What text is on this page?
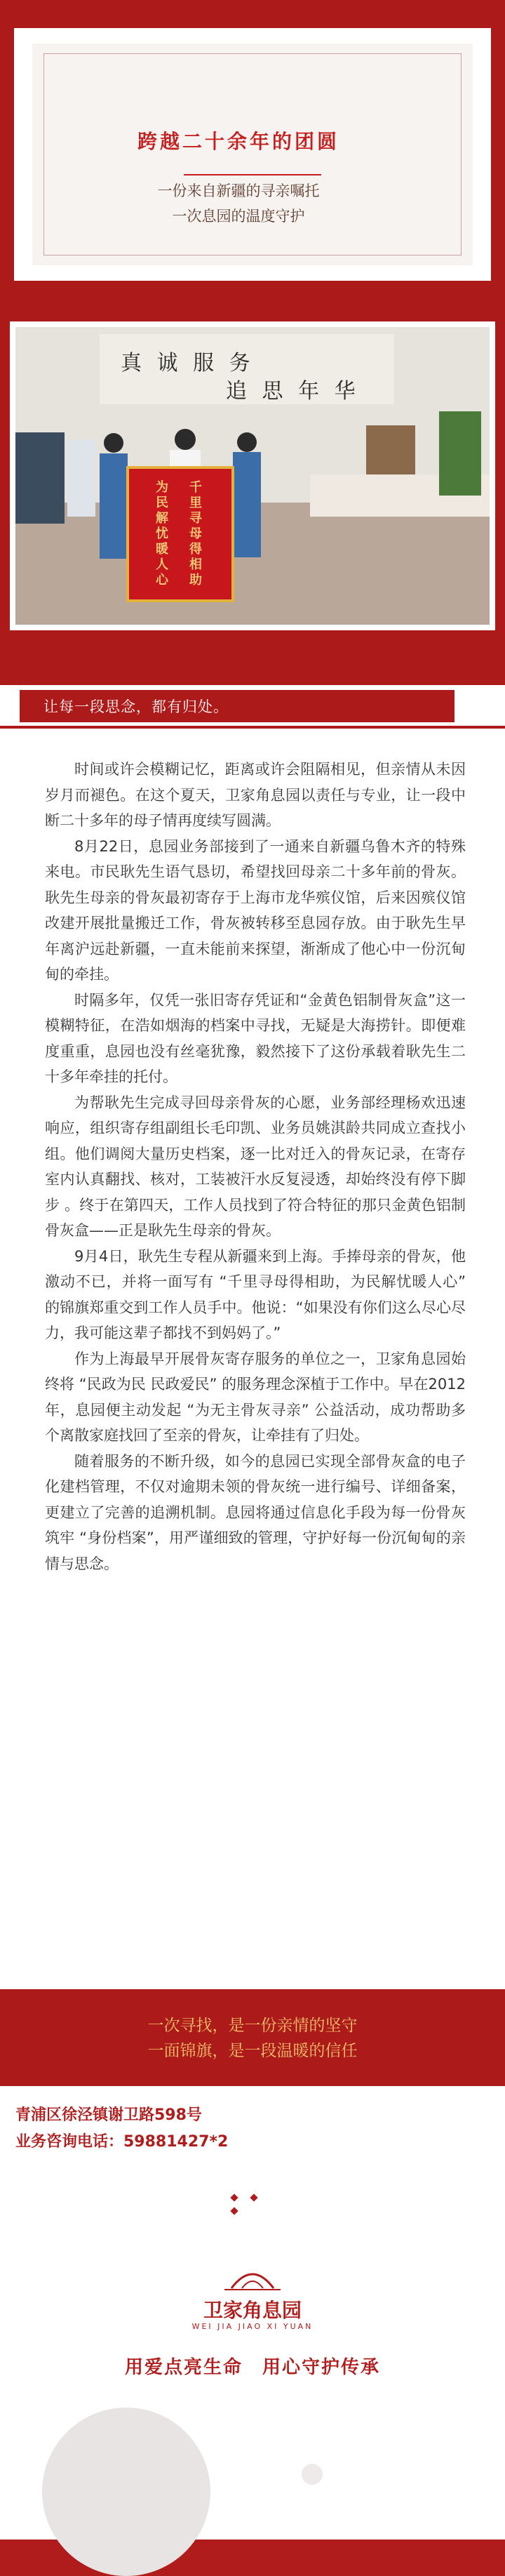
跨越二十余年的团圆
一份来自新疆的寻亲嘱托
一次息园的温度守护
真 诚 服 务
追 思 年 华
千里寻母得相助
为民解忧暖人心
让每一段思念，都有归处。

时间或许会模糊记忆，距离或许会阻隔相见，但亲情从未因岁月而褪色。在这个夏天，卫家角息园以责任与专业，让一段中断二十多年的母子情再度续写圆满。

8月22日，息园业务部接到了一通来自新疆乌鲁木齐的特殊来电。市民耿先生语气恳切，希望找回母亲二十多年前的骨灰。耿先生母亲的骨灰最初寄存于上海市龙华殡仪馆，后来因殡仪馆改建开展批量搬迁工作，骨灰被转移至息园存放。由于耿先生早年离沪远赴新疆，一直未能前来探望，渐渐成了他心中一份沉甸甸的牵挂。

时隔多年，仅凭一张旧寄存凭证和“金黄色铝制骨灰盒”这一模糊特征，在浩如烟海的档案中寻找，无疑是大海捞针。即便难度重重，息园也没有丝毫犹豫，毅然接下了这份承载着耿先生二十多年牵挂的托付。

为帮耿先生完成寻回母亲骨灰的心愿，业务部经理杨欢迅速响应，组织寄存组副组长毛印凯、业务员姚淇龄共同成立查找小组。他们调阅大量历史档案，逐一比对迁入的骨灰记录，在寄存室内认真翻找、核对，工装被汗水反复浸透，却始终没有停下脚步 。终于在第四天，工作人员找到了符合特征的那只金黄色铝制骨灰盒——正是耿先生母亲的骨灰。

9月4日，耿先生专程从新疆来到上海。手捧母亲的骨灰，他激动不已，并将一面写有 “千里寻母得相助，为民解忧暖人心” 的锦旗郑重交到工作人员手中。他说：“如果没有你们这么尽心尽力，我可能这辈子都找不到妈妈了。”

作为上海最早开展骨灰寄存服务的单位之一，卫家角息园始终将 “民政为民 民政爱民” 的服务理念深植于工作中。早在2012年，息园便主动发起 “为无主骨灰寻亲” 公益活动，成功帮助多个离散家庭找回了至亲的骨灰，让牵挂有了归处。

随着服务的不断升级，如今的息园已实现全部骨灰盒的电子化建档管理，不仅对逾期未领的骨灰统一进行编号、详细备案，更建立了完善的追溯机制。息园将通过信息化手段为每一份骨灰筑牢 “身份档案”，用严谨细致的管理，守护好每一份沉甸甸的亲情与思念。

一次寻找，是一份亲情的坚守
一面锦旗，是一段温暖的信任
青浦区徐泾镇谢卫路598号
业务咨询电话：59881427*2
卫家角息园
WEI JIA JIAO XI YUAN
用爱点亮生命　用心守护传承
